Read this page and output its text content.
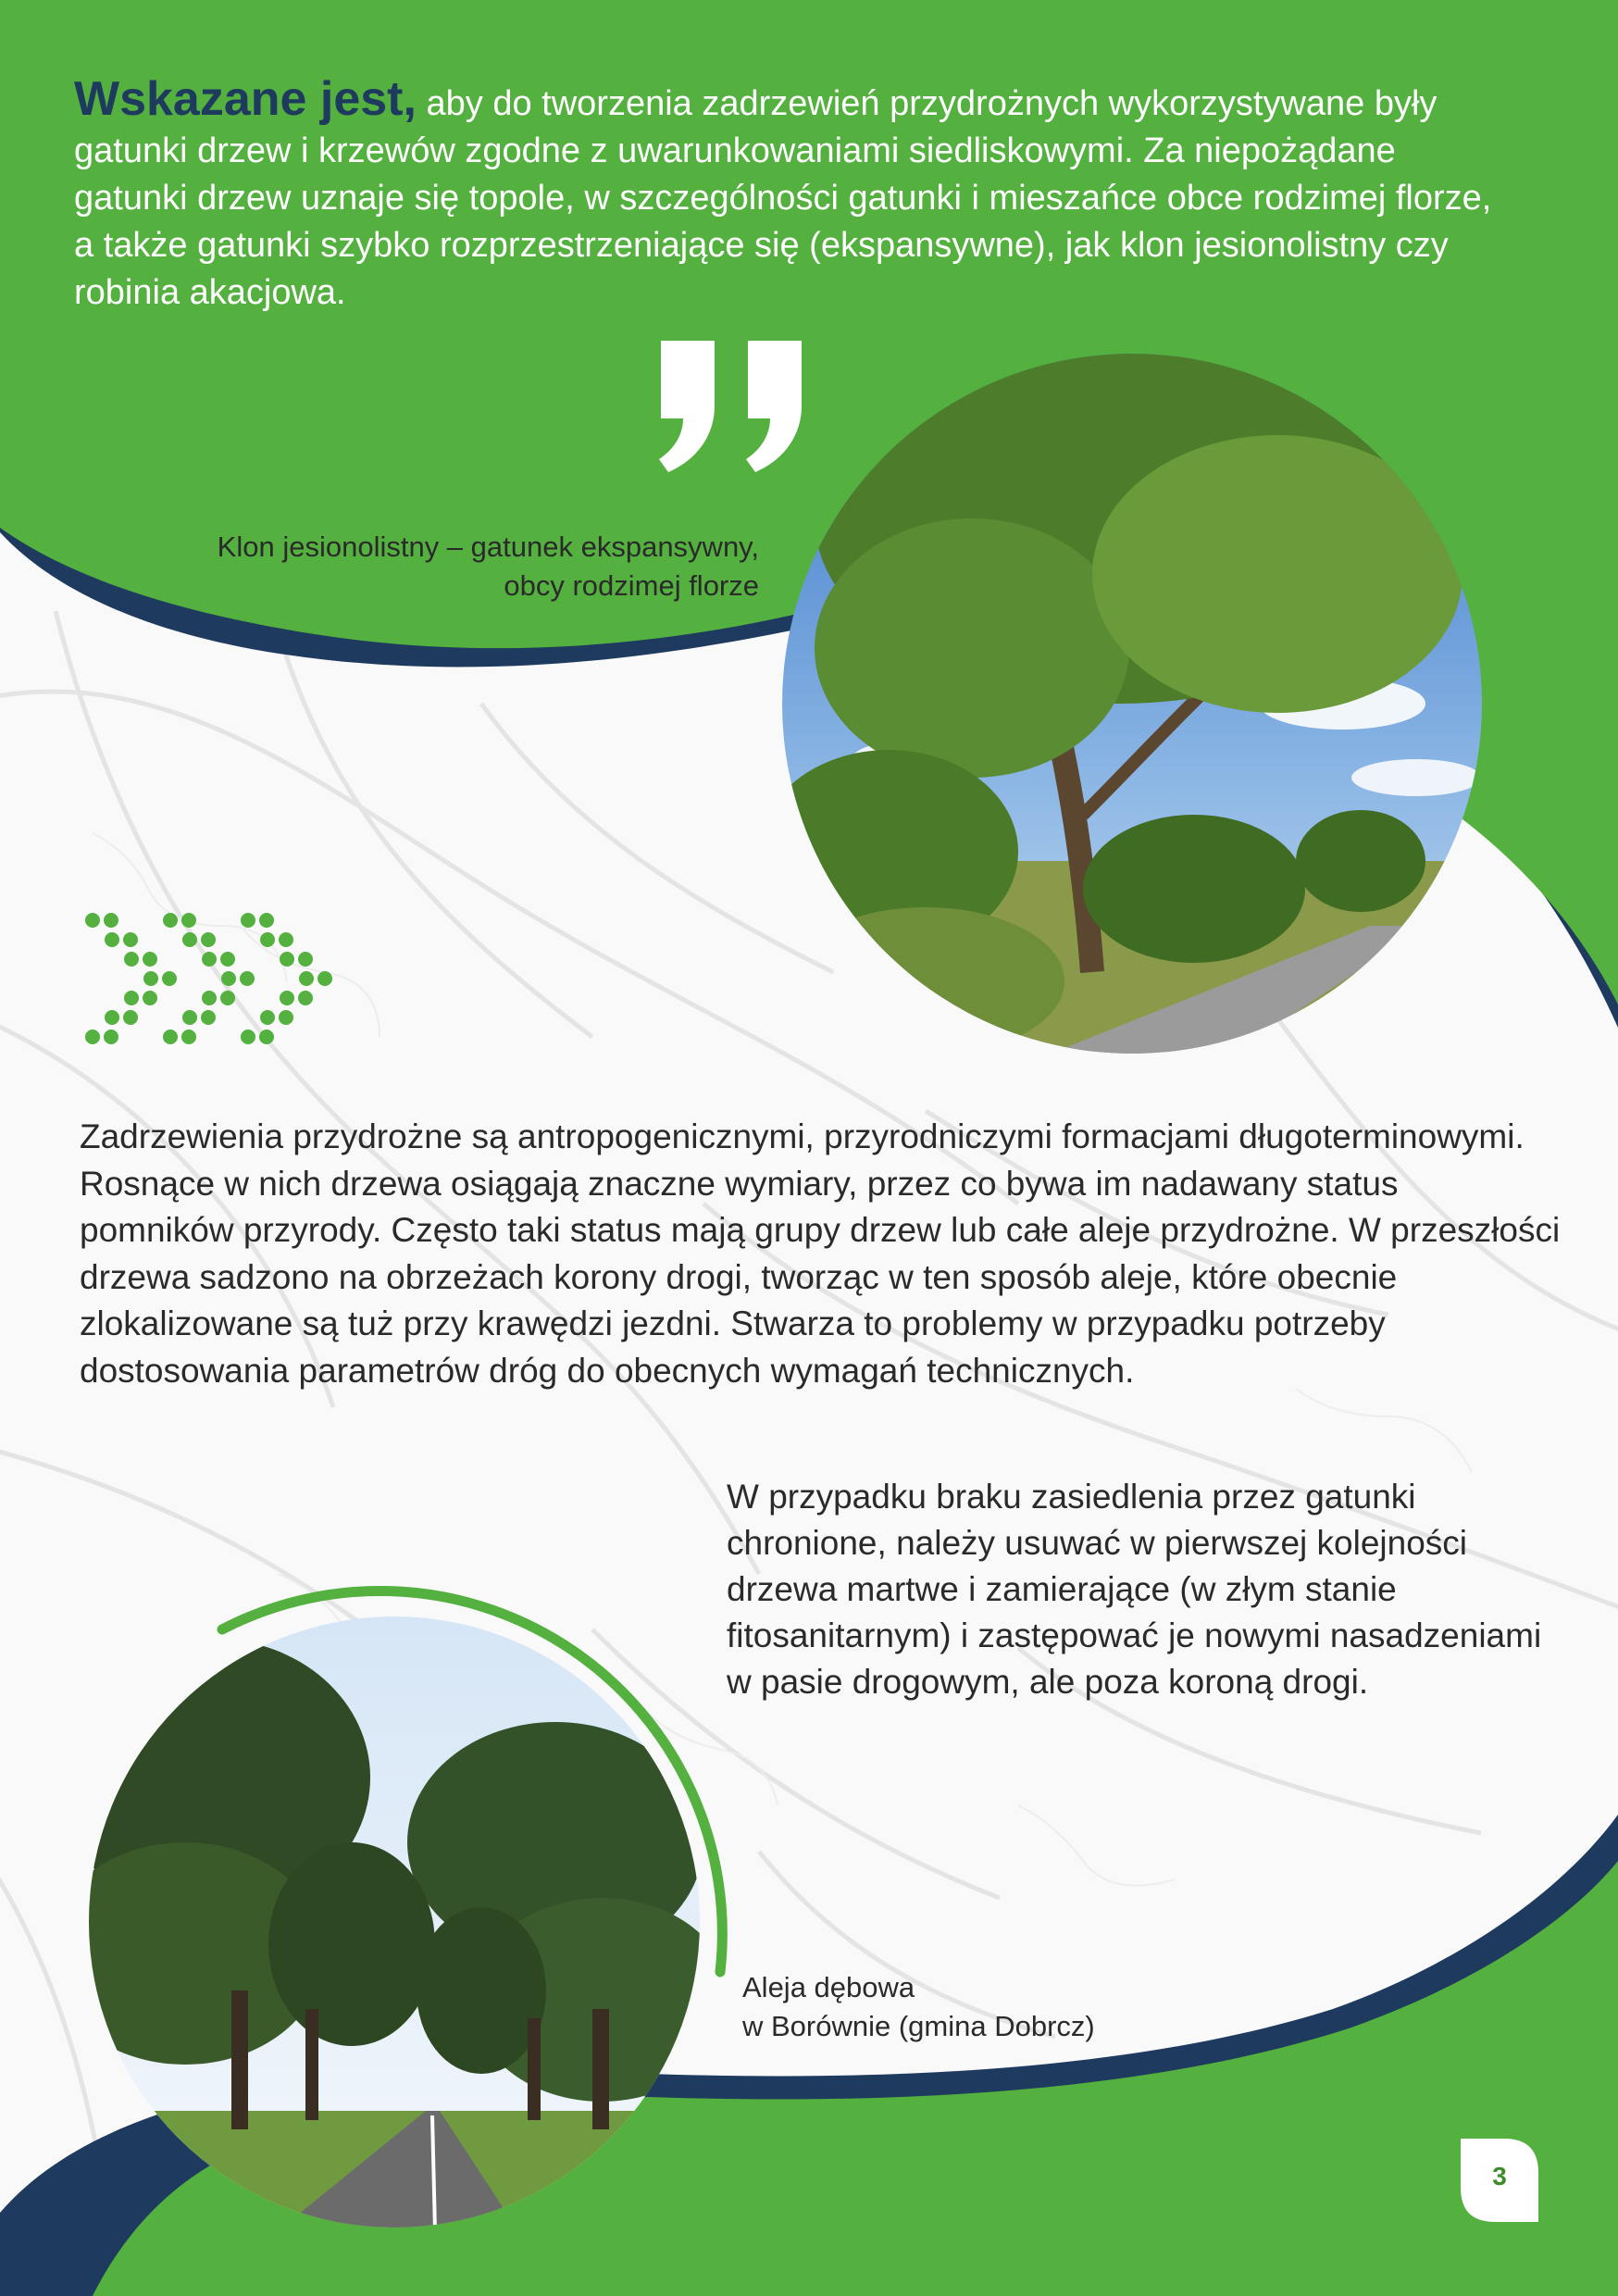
Wskazane jest, aby do tworzenia zadrzewień przydrożnych wykorzystywane były gatunki drzew i krzewów zgodne z uwarunkowaniami siedliskowymi. Za niepożądane gatunki drzew uznaje się topole, w szczególności gatunki i mieszańce obce rodzimej florze, a także gatunki szybko rozprzestrzeniające się (ekspansywne), jak klon jesionolistny czy robinia akacjowa.

Klon jesionolistny – gatunek ekspansywny,
obcy rodzimej florze

Zadrzewienia przydrożne są antropogenicznymi, przyrodniczymi formacjami długoterminowymi. Rosnące w nich drzewa osiągają znaczne wymiary, przez co bywa im nadawany status pomników przyrody. Często taki status mają grupy drzew lub całe aleje przydrożne. W przeszłości drzewa sadzono na obrzeżach korony drogi, tworząc w ten sposób aleje, które obecnie zlokalizowane są tuż przy krawędzi jezdni. Stwarza to problemy w przypadku potrzeby dostosowania parametrów dróg do obecnych wymagań technicznych.

W przypadku braku zasiedlenia przez gatunki chronione, należy usuwać w pierwszej kolejności drzewa martwe i zamierające (w złym stanie fitosanitarnym) i zastępować je nowymi nasadzeniami w pasie drogowym, ale poza koroną drogi.

Aleja dębowa
w Borównie (gmina Dobrcz)
3
